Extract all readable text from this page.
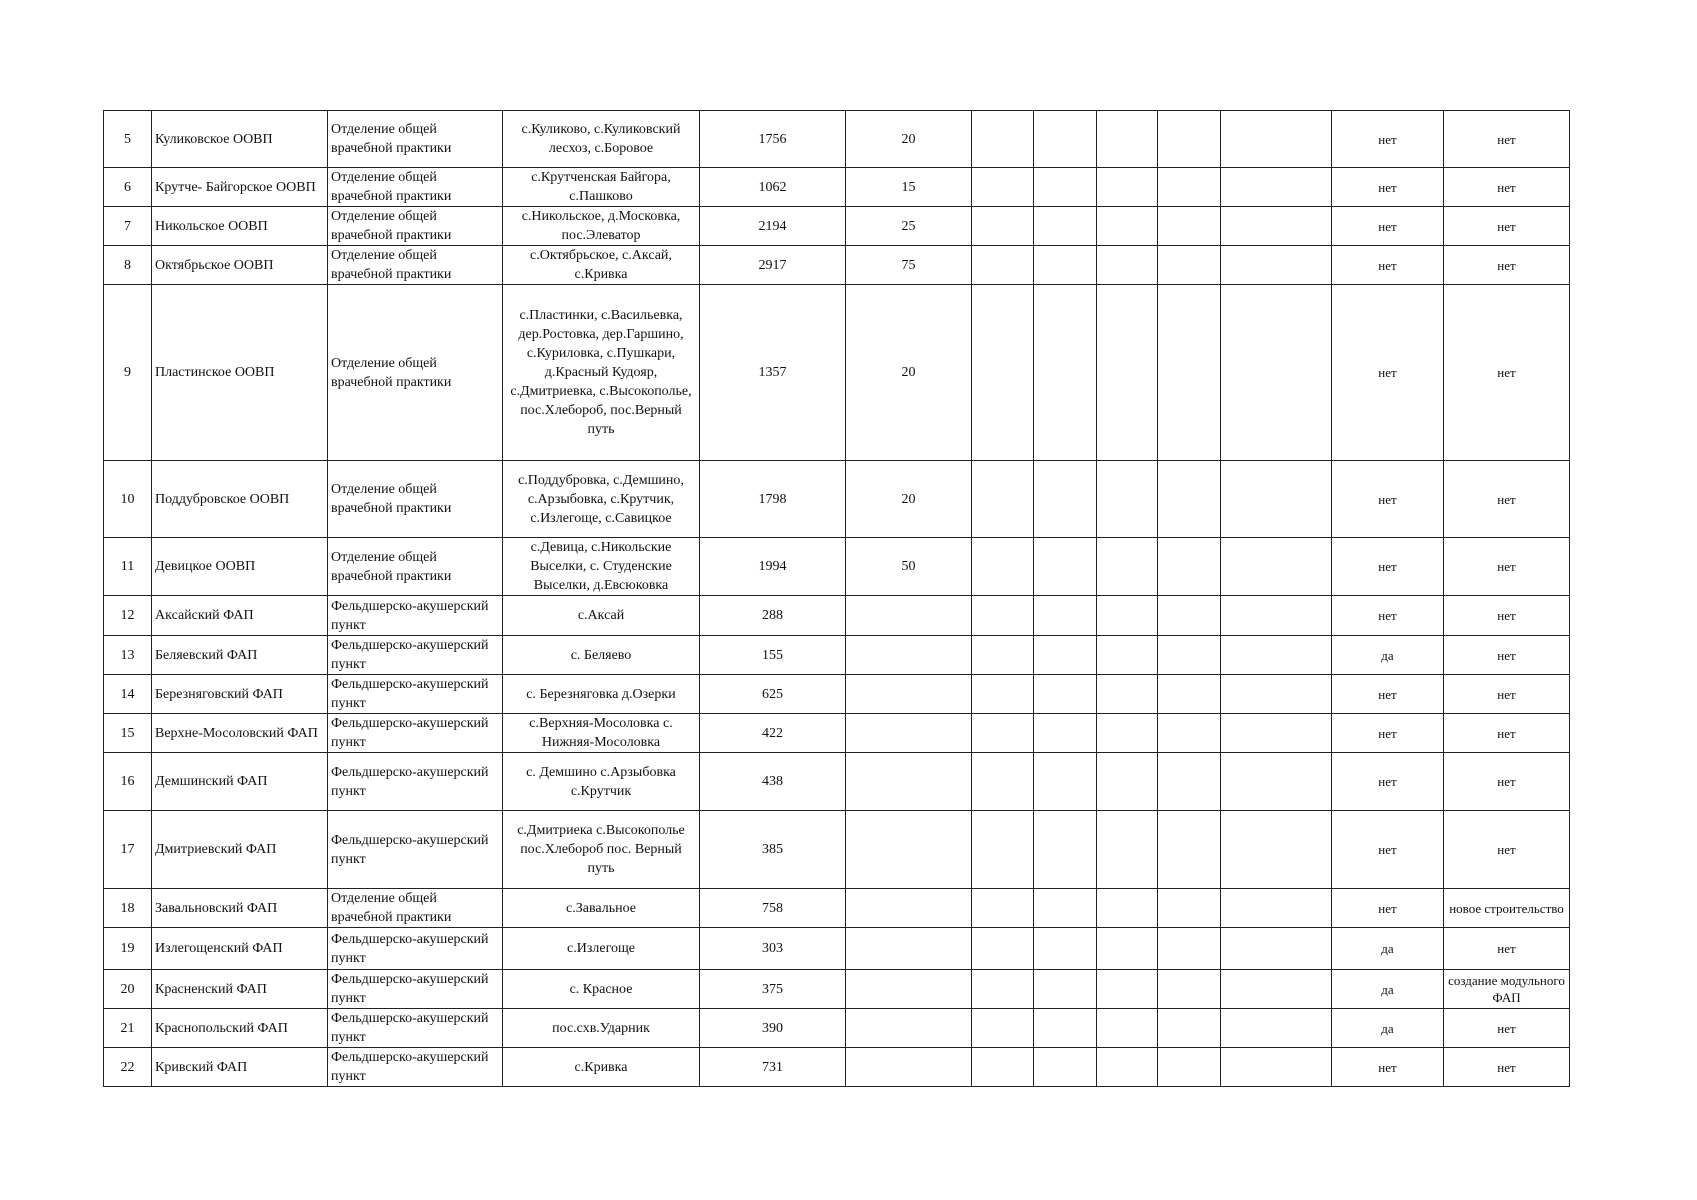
5	Куликовское ООВП	Отделение общей врачебной практики	с.Куликово, с.Куликовский лесхоз, с.Боровое	1756	20						нет	нет
6	Крутче- Байгорское ООВП	Отделение общей врачебной практики	с.Крутченская Байгора, с.Пашково	1062	15						нет	нет
7	Никольское ООВП	Отделение общей врачебной практики	с.Никольское, д.Московка, пос.Элеватор	2194	25						нет	нет
8	Октябрьское ООВП	Отделение общей врачебной практики	с.Октябрьское, с.Аксай, с.Кривка	2917	75						нет	нет
9	Пластинское ООВП	Отделение общей врачебной практики	с.Пластинки, с.Васильевка, дер.Ростовка, дер.Гаршино, с.Куриловка, с.Пушкари, д.Красный Кудояр, с.Дмитриевка, с.Высокополье, пос.Хлебороб, пос.Верный путь	1357	20						нет	нет
10	Поддубровское ООВП	Отделение общей врачебной практики	с.Поддубровка, с.Демшино, с.Арзыбовка, с.Крутчик, с.Излегоще, с.Савицкое	1798	20						нет	нет
11	Девицкое ООВП	Отделение общей врачебной практики	с.Девица, с.Никольские Выселки, с. Студенские Выселки, д.Евсюковка	1994	50						нет	нет
12	Аксайский ФАП	Фельдшерско-акушерский пункт	с.Аксай	288							нет	нет
13	Беляевский ФАП	Фельдшерско-акушерский пункт	с. Беляево	155							да	нет
14	Березняговский ФАП	Фельдшерско-акушерский пункт	с. Березняговка д.Озерки	625							нет	нет
15	Верхне-Мосоловский ФАП	Фельдшерско-акушерский пункт	с.Верхняя-Мосоловка с. Нижняя-Мосоловка	422							нет	нет
16	Демшинский ФАП	Фельдшерско-акушерский пункт	с. Демшино с.Арзыбовка с.Крутчик	438							нет	нет
17	Дмитриевский ФАП	Фельдшерско-акушерский пункт	с.Дмитриека с.Высокополье пос.Хлебороб пос. Верный путь	385							нет	нет
18	Завальновский ФАП	Отделение общей врачебной практики	с.Завальное	758							нет	новое строительство
19	Излегощенский ФАП	Фельдшерско-акушерский пункт	с.Излегоще	303							да	нет
20	Красненский ФАП	Фельдшерско-акушерский пункт	с. Красное	375							да	создание модульного ФАП
21	Краснопольский ФАП	Фельдшерско-акушерский пункт	пос.схв.Ударник	390							да	нет
22	Кривский ФАП	Фельдшерско-акушерский пункт	с.Кривка	731							нет	нет
